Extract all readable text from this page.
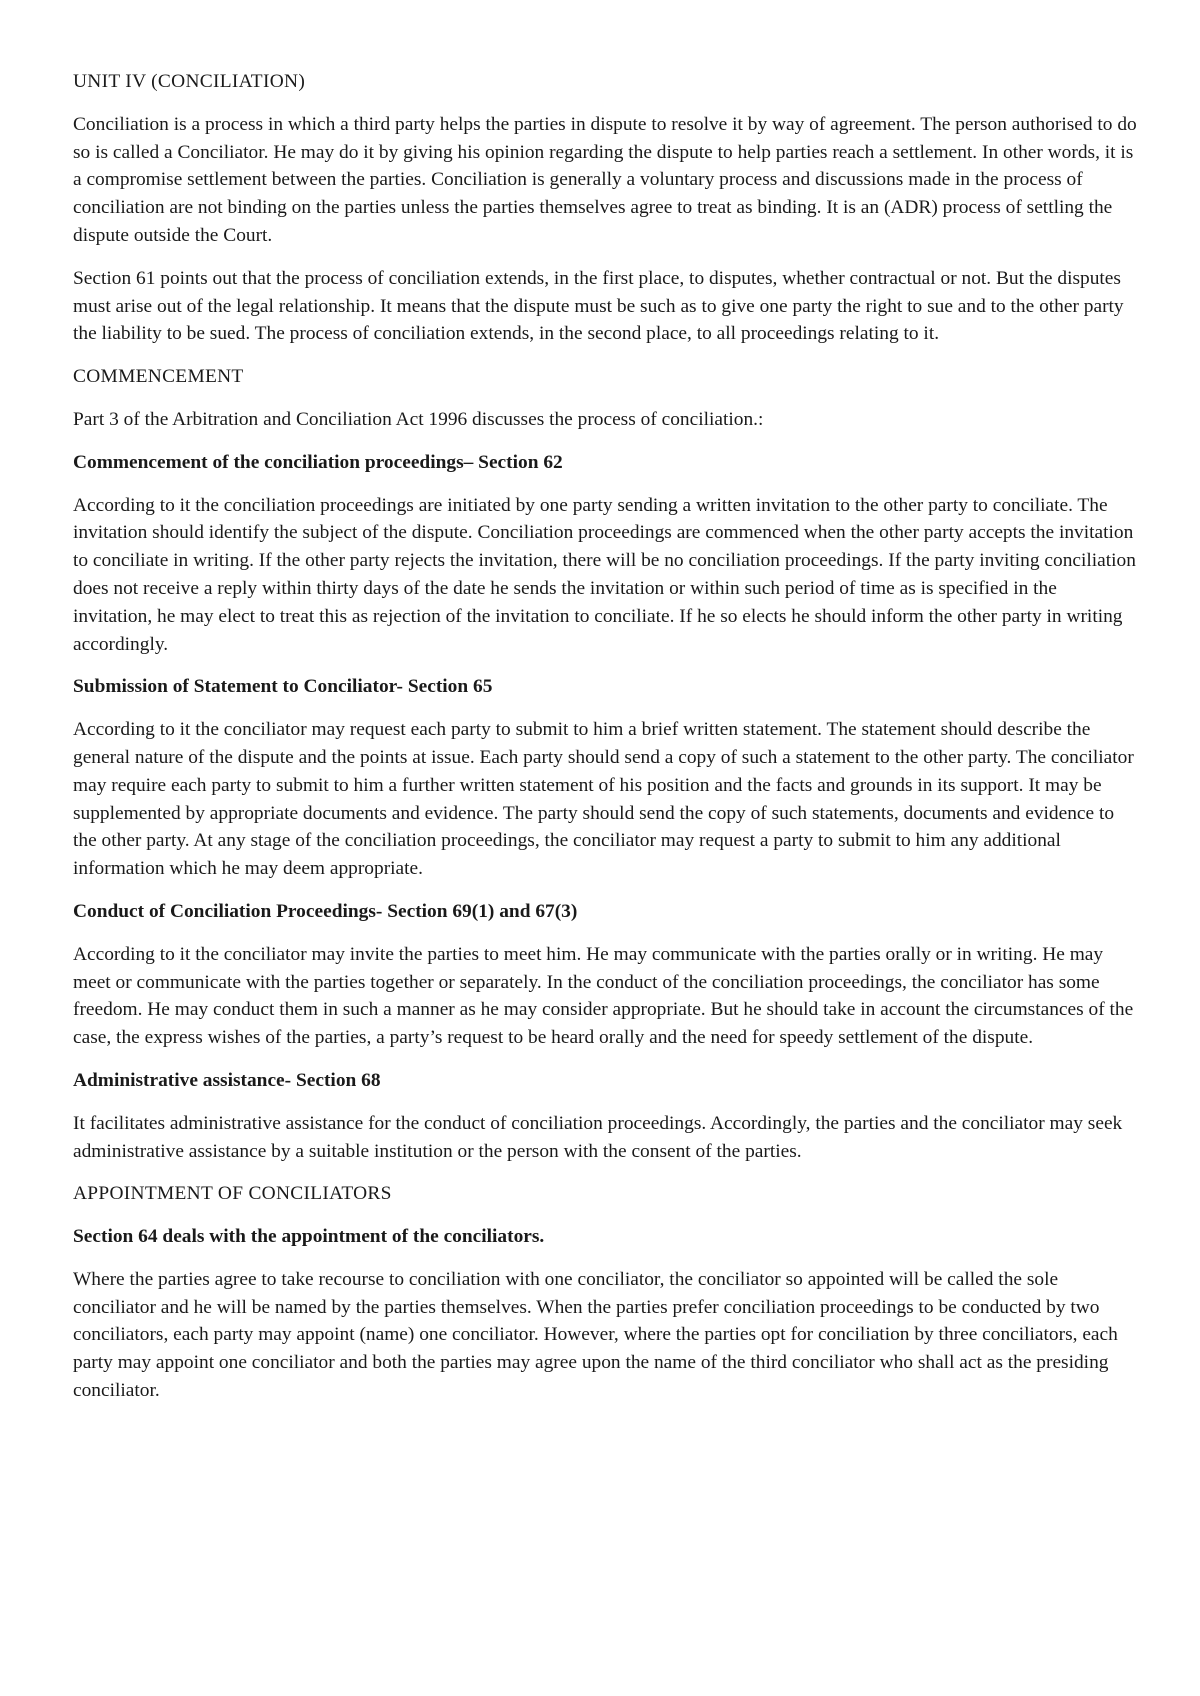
UNIT IV (CONCILIATION)

Conciliation is a process in which a third party helps the parties in dispute to resolve it by way of agreement. The person authorised to do so is called a Conciliator. He may do it by giving his opinion regarding the dispute to help parties reach a settlement. In other words, it is a compromise settlement between the parties. Conciliation is generally a voluntary process and discussions made in the process of conciliation are not binding on the parties unless the parties themselves agree to treat as binding. It is an (ADR) process of settling the dispute outside the Court.

Section 61 points out that the process of conciliation extends, in the first place, to disputes, whether contractual or not. But the disputes must arise out of the legal relationship. It means that the dispute must be such as to give one party the right to sue and to the other party the liability to be sued. The process of conciliation extends, in the second place, to all proceedings relating to it.

COMMENCEMENT

Part 3 of the Arbitration and Conciliation Act 1996 discusses the process of conciliation.:

Commencement of the conciliation proceedings– Section 62

According to it the conciliation proceedings are initiated by one party sending a written invitation to the other party to conciliate. The invitation should identify the subject of the dispute. Conciliation proceedings are commenced when the other party accepts the invitation to conciliate in writing. If the other party rejects the invitation, there will be no conciliation proceedings. If the party inviting conciliation does not receive a reply within thirty days of the date he sends the invitation or within such period of time as is specified in the invitation, he may elect to treat this as rejection of the invitation to conciliate. If he so elects he should inform the other party in writing accordingly.

Submission of Statement to Conciliator- Section 65

According to it the conciliator may request each party to submit to him a brief written statement. The statement should describe the general nature of the dispute and the points at issue. Each party should send a copy of such a statement to the other party. The conciliator may require each party to submit to him a further written statement of his position and the facts and grounds in its support. It may be supplemented by appropriate documents and evidence. The party should send the copy of such statements, documents and evidence to the other party. At any stage of the conciliation proceedings, the conciliator may request a party to submit to him any additional information which he may deem appropriate.

Conduct of Conciliation Proceedings- Section 69(1) and 67(3)

According to it the conciliator may invite the parties to meet him. He may communicate with the parties orally or in writing. He may meet or communicate with the parties together or separately. In the conduct of the conciliation proceedings, the conciliator has some freedom. He may conduct them in such a manner as he may consider appropriate. But he should take in account the circumstances of the case, the express wishes of the parties, a party’s request to be heard orally and the need for speedy settlement of the dispute.

Administrative assistance- Section 68

It facilitates administrative assistance for the conduct of conciliation proceedings. Accordingly, the parties and the conciliator may seek administrative assistance by a suitable institution or the person with the consent of the parties.

APPOINTMENT OF CONCILIATORS
Section 64 deals with the appointment of the conciliators.

Where the parties agree to take recourse to conciliation with one conciliator, the conciliator so appointed will be called the sole conciliator and he will be named by the parties themselves. When the parties prefer conciliation proceedings to be conducted by two conciliators, each party may appoint (name) one conciliator. However, where the parties opt for conciliation by three conciliators, each party may appoint one conciliator and both the parties may agree upon the name of the third conciliator who shall act as the presiding conciliator.
